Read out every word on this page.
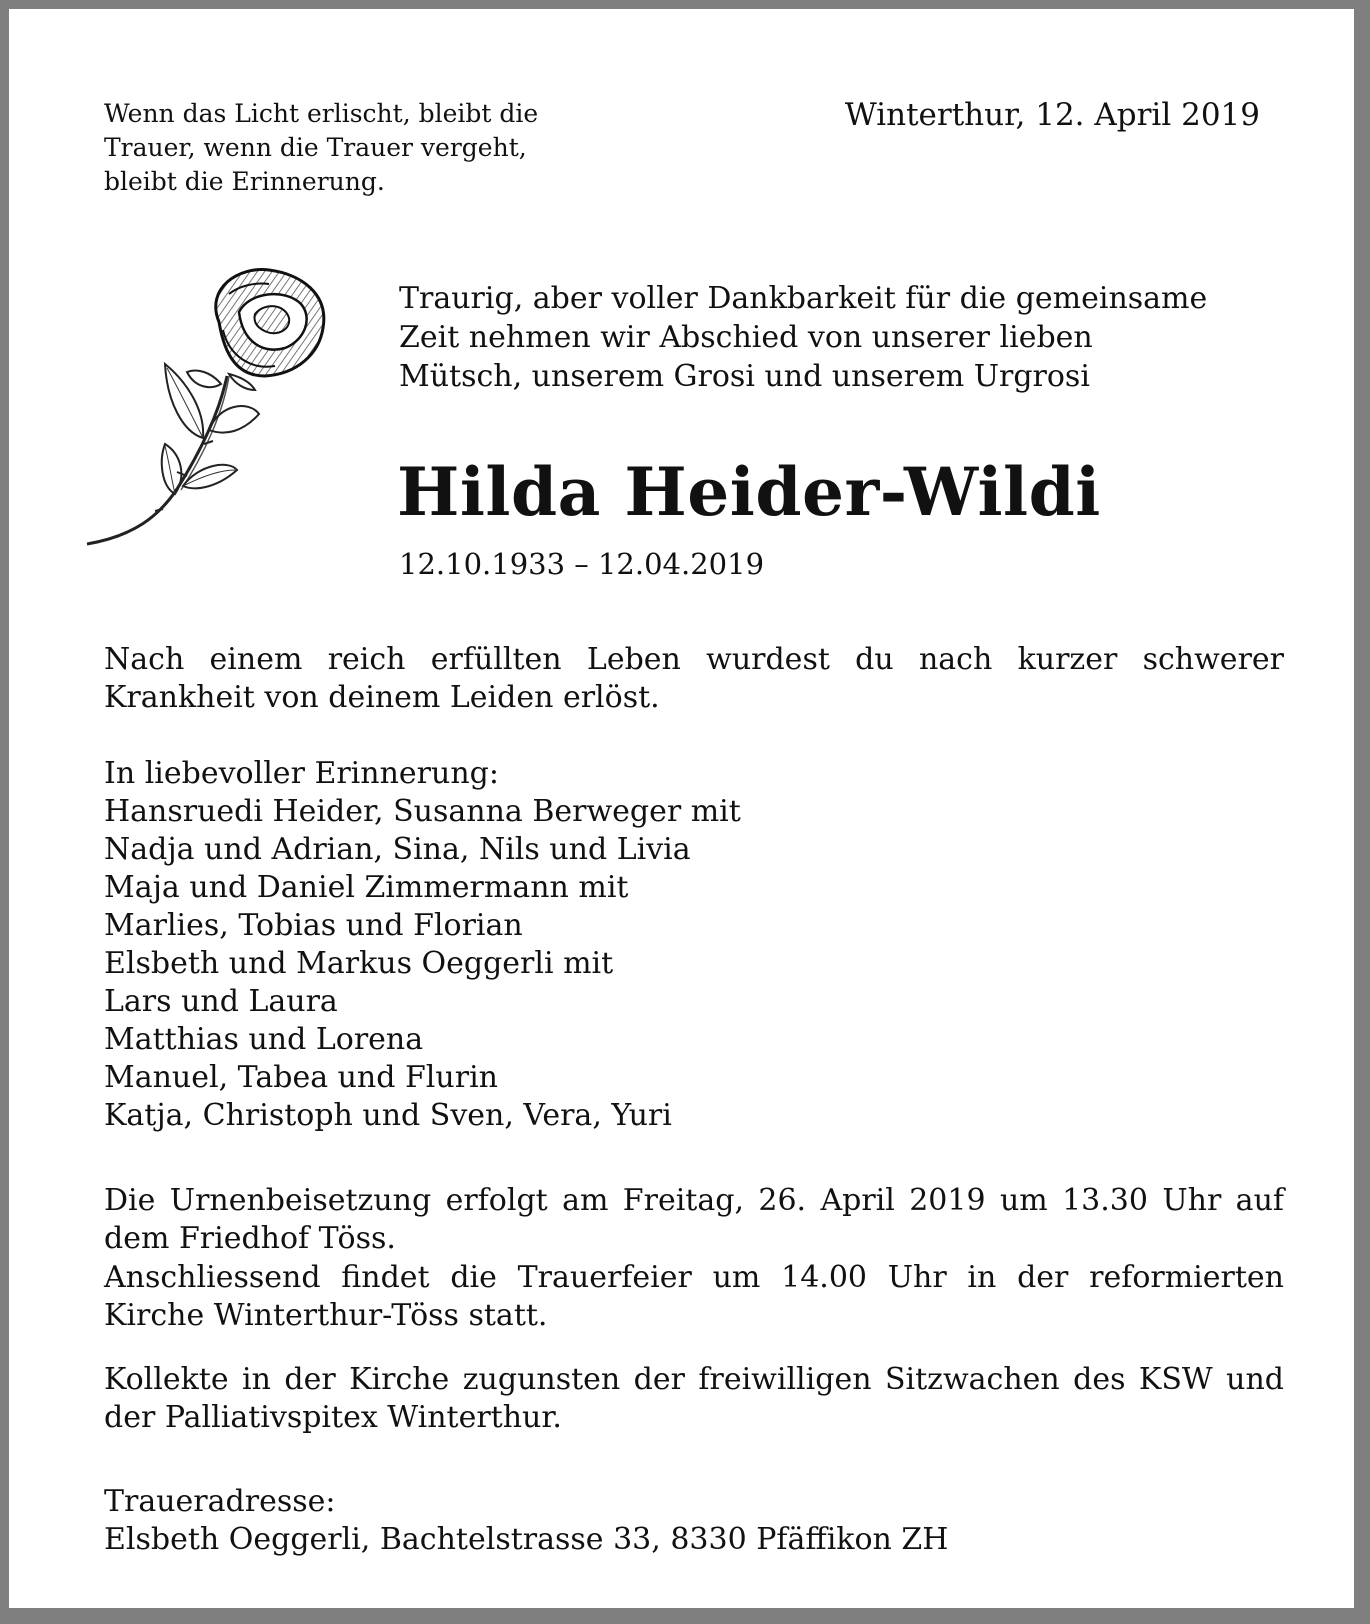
Wenn das Licht erlischt, bleibt die
Trauer, wenn die Trauer vergeht,
bleibt die Erinnerung.
Winterthur, 12. April 2019
Traurig, aber voller Dankbarkeit für die gemeinsame
Zeit nehmen wir Abschied von unserer lieben
Mütsch, unserem Grosi und unserem Urgrosi
Hilda Heider-Wildi
12.10.1933 – 12.04.2019
Nach einem reich erfüllten Leben wurdest du nach kurzer schwerer Krankheit von deinem Leiden erlöst.
In liebevoller Erinnerung:
Hansruedi Heider, Susanna Berweger mit
Nadja und Adrian, Sina, Nils und Livia
Maja und Daniel Zimmermann mit
Marlies, Tobias und Florian
Elsbeth und Markus Oeggerli mit
Lars und Laura
Matthias und Lorena
Manuel, Tabea und Flurin
Katja, Christoph und Sven, Vera, Yuri
Die Urnenbeisetzung erfolgt am Freitag, 26. April 2019 um 13.30 Uhr auf dem Friedhof Töss.
Anschliessend findet die Trauerfeier um 14.00 Uhr in der reformierten Kirche Winterthur-Töss statt.
Kollekte in der Kirche zugunsten der freiwilligen Sitzwachen des KSW und der Palliativspitex Winterthur.
Traueradresse:
Elsbeth Oeggerli, Bachtelstrasse 33, 8330 Pfäffikon ZH
